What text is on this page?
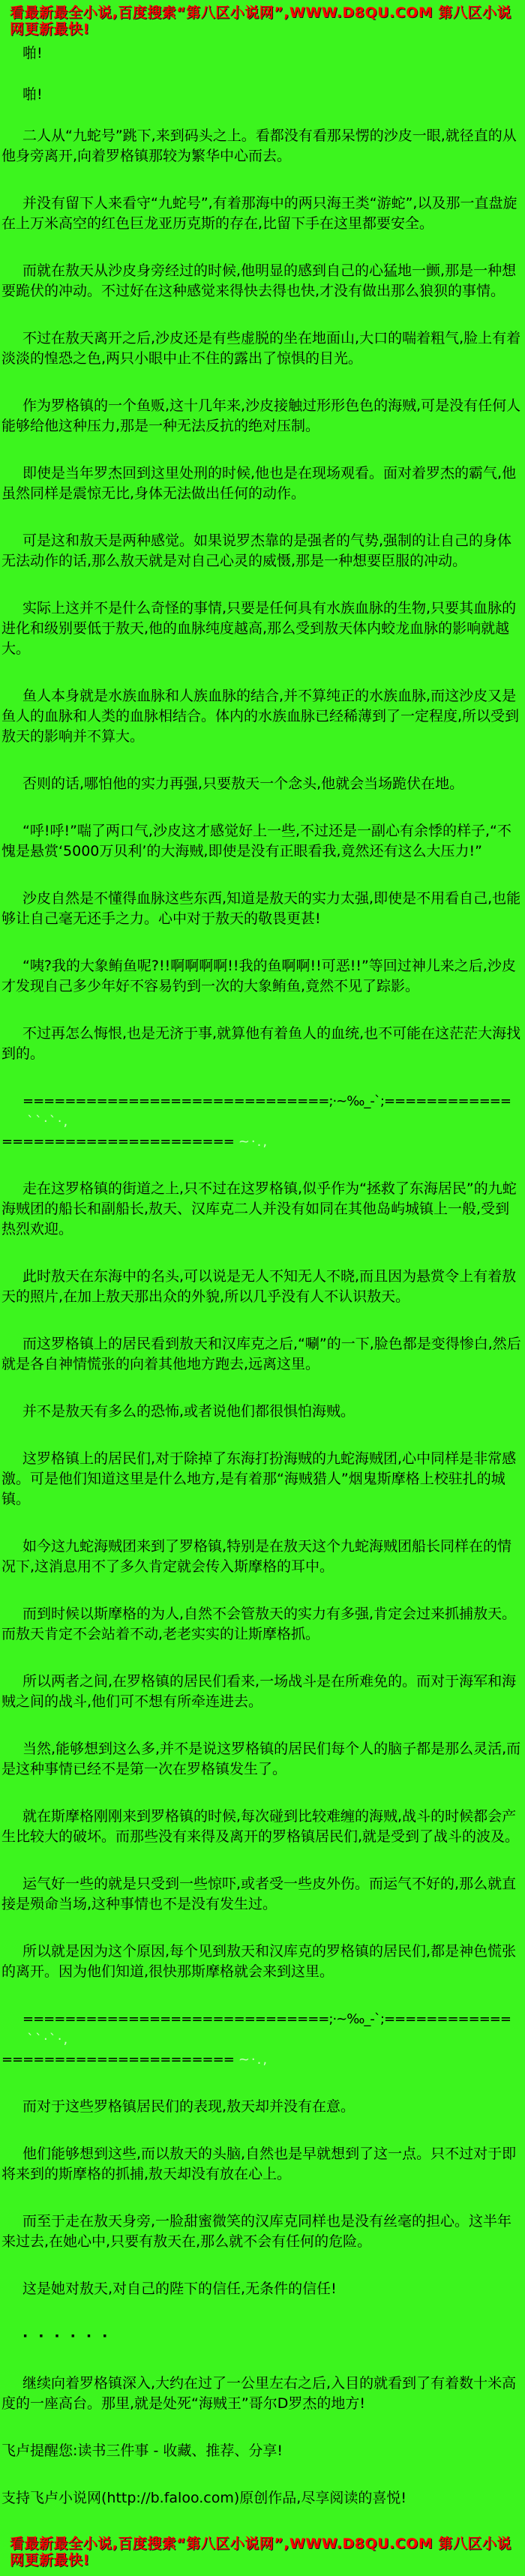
看最新最全小说,百度搜索“第八区小说网”,WWW.D8QU.COM 第八区小说网更新最快!

啪!

啪!

二人从“九蛇号”跳下,来到码头之上。看都没有看那呆愣的沙皮一眼,就径直的从他身旁离开,向着罗格镇那较为繁华中心而去。

并没有留下人来看守“九蛇号”,有着那海中的两只海王类“游蛇”,以及那一直盘旋在上万米高空的红色巨龙亚历克斯的存在,比留下手在这里都要安全。

而就在敖天从沙皮身旁经过的时候,他明显的感到自己的心猛地一颤,那是一种想要跪伏的冲动。不过好在这种感觉来得快去得也快,才没有做出那么狼狈的事情。

不过在敖天离开之后,沙皮还是有些虚脱的坐在地面山,大口的喘着粗气,脸上有着淡淡的惶恐之色,两只小眼中止不住的露出了惊惧的目光。

作为罗格镇的一个鱼贩,这十几年来,沙皮接触过形形色色的海贼,可是没有任何人能够给他这种压力,那是一种无法反抗的绝对压制。

即使是当年罗杰回到这里处刑的时候,他也是在现场观看。面对着罗杰的霸气,他虽然同样是震惊无比,身体无法做出任何的动作。

可是这和敖天是两种感觉。如果说罗杰靠的是强者的气势,强制的让自己的身体无法动作的话,那么敖天就是对自己心灵的威慑,那是一种想要臣服的冲动。

实际上这并不是什么奇怪的事情,只要是任何具有水族血脉的生物,只要其血脉的进化和级别要低于敖天,他的血脉纯度越高,那么受到敖天体内蛟龙血脉的影响就越大。

鱼人本身就是水族血脉和人族血脉的结合,并不算纯正的水族血脉,而这沙皮又是鱼人的血脉和人类的血脉相结合。体内的水族血脉已经稀薄到了一定程度,所以受到敖天的影响并不算大。

否则的话,哪怕他的实力再强,只要敖天一个念头,他就会当场跪伏在地。

“呼!呼!”喘了两口气,沙皮这才感觉好上一些,不过还是一副心有余悸的样子,“不愧是悬赏‘5000万贝利’的大海贼,即使是没有正眼看我,竟然还有这么大压力!”

沙皮自然是不懂得血脉这些东西,知道是敖天的实力太强,即使是不用看自己,也能够让自己毫无还手之力。心中对于敖天的敬畏更甚!

“咦?我的大象鲔鱼呢?!!啊啊啊啊!!我的鱼啊啊!!可恶!!”等回过神儿来之后,沙皮才发现自己多少年好不容易钓到一次的大象鲔鱼,竟然不见了踪影。

不过再怎么悔恨,也是无济于事,就算他有着鱼人的血统,也不可能在这茫茫大海找到的。

=============================;·~‰_-`;============``·`·,
====================== ~·.,

走在这罗格镇的街道之上,只不过在这罗格镇,似乎作为“拯救了东海居民”的九蛇海贼团的船长和副船长,敖天、汉库克二人并没有如同在其他岛屿城镇上一般,受到热烈欢迎。

此时敖天在东海中的名头,可以说是无人不知无人不晓,而且因为悬赏令上有着敖天的照片,在加上敖天那出众的外貌,所以几乎没有人不认识敖天。

而这罗格镇上的居民看到敖天和汉库克之后,“唰”的一下,脸色都是变得惨白,然后就是各自神情慌张的向着其他地方跑去,远离这里。

并不是敖天有多么的恐怖,或者说他们都很惧怕海贼。

这罗格镇上的居民们,对于除掉了东海打扮海贼的九蛇海贼团,心中同样是非常感激。可是他们知道这里是什么地方,是有着那“海贼猎人”烟鬼斯摩格上校驻扎的城镇。

如今这九蛇海贼团来到了罗格镇,特别是在敖天这个九蛇海贼团船长同样在的情况下,这消息用不了多久肯定就会传入斯摩格的耳中。

而到时候以斯摩格的为人,自然不会管敖天的实力有多强,肯定会过来抓捕敖天。而敖天肯定不会站着不动,老老实实的让斯摩格抓。

所以两者之间,在罗格镇的居民们看来,一场战斗是在所难免的。而对于海军和海贼之间的战斗,他们可不想有所牵连进去。

当然,能够想到这么多,并不是说这罗格镇的居民们每个人的脑子都是那么灵活,而是这种事情已经不是第一次在罗格镇发生了。

就在斯摩格刚刚来到罗格镇的时候,每次碰到比较难缠的海贼,战斗的时候都会产生比较大的破坏。而那些没有来得及离开的罗格镇居民们,就是受到了战斗的波及。

运气好一些的就是只受到一些惊吓,或者受一些皮外伤。而运气不好的,那么就直接是殒命当场,这种事情也不是没有发生过。

所以就是因为这个原因,每个见到敖天和汉库克的罗格镇的居民们,都是神色慌张的离开。因为他们知道,很快那斯摩格就会来到这里。

=============================;·~‰_-`;============``·`·,
====================== ~·.,

而对于这些罗格镇居民们的表现,敖天却并没有在意。

他们能够想到这些,而以敖天的头脑,自然也是早就想到了这一点。只不过对于即将来到的斯摩格的抓捕,敖天却没有放在心上。

而至于走在敖天身旁,一脸甜蜜微笑的汉库克同样也是没有丝毫的担心。这半年来过去,在她心中,只要有敖天在,那么就不会有任何的危险。

这是她对敖天,对自己的陛下的信任,无条件的信任!

······

继续向着罗格镇深入,大约在过了一公里左右之后,入目的就看到了有着数十米高度的一座高台。那里,就是处死“海贼王”哥尔D罗杰的地方!

飞卢提醒您:读书三件事 - 收藏、推荐、分享!

支持飞卢小说网(http://b.faloo.com)原创作品,尽享阅读的喜悦!

看最新最全小说,百度搜索“第八区小说网”,WWW.D8QU.COM 第八区小说网更新最快!
